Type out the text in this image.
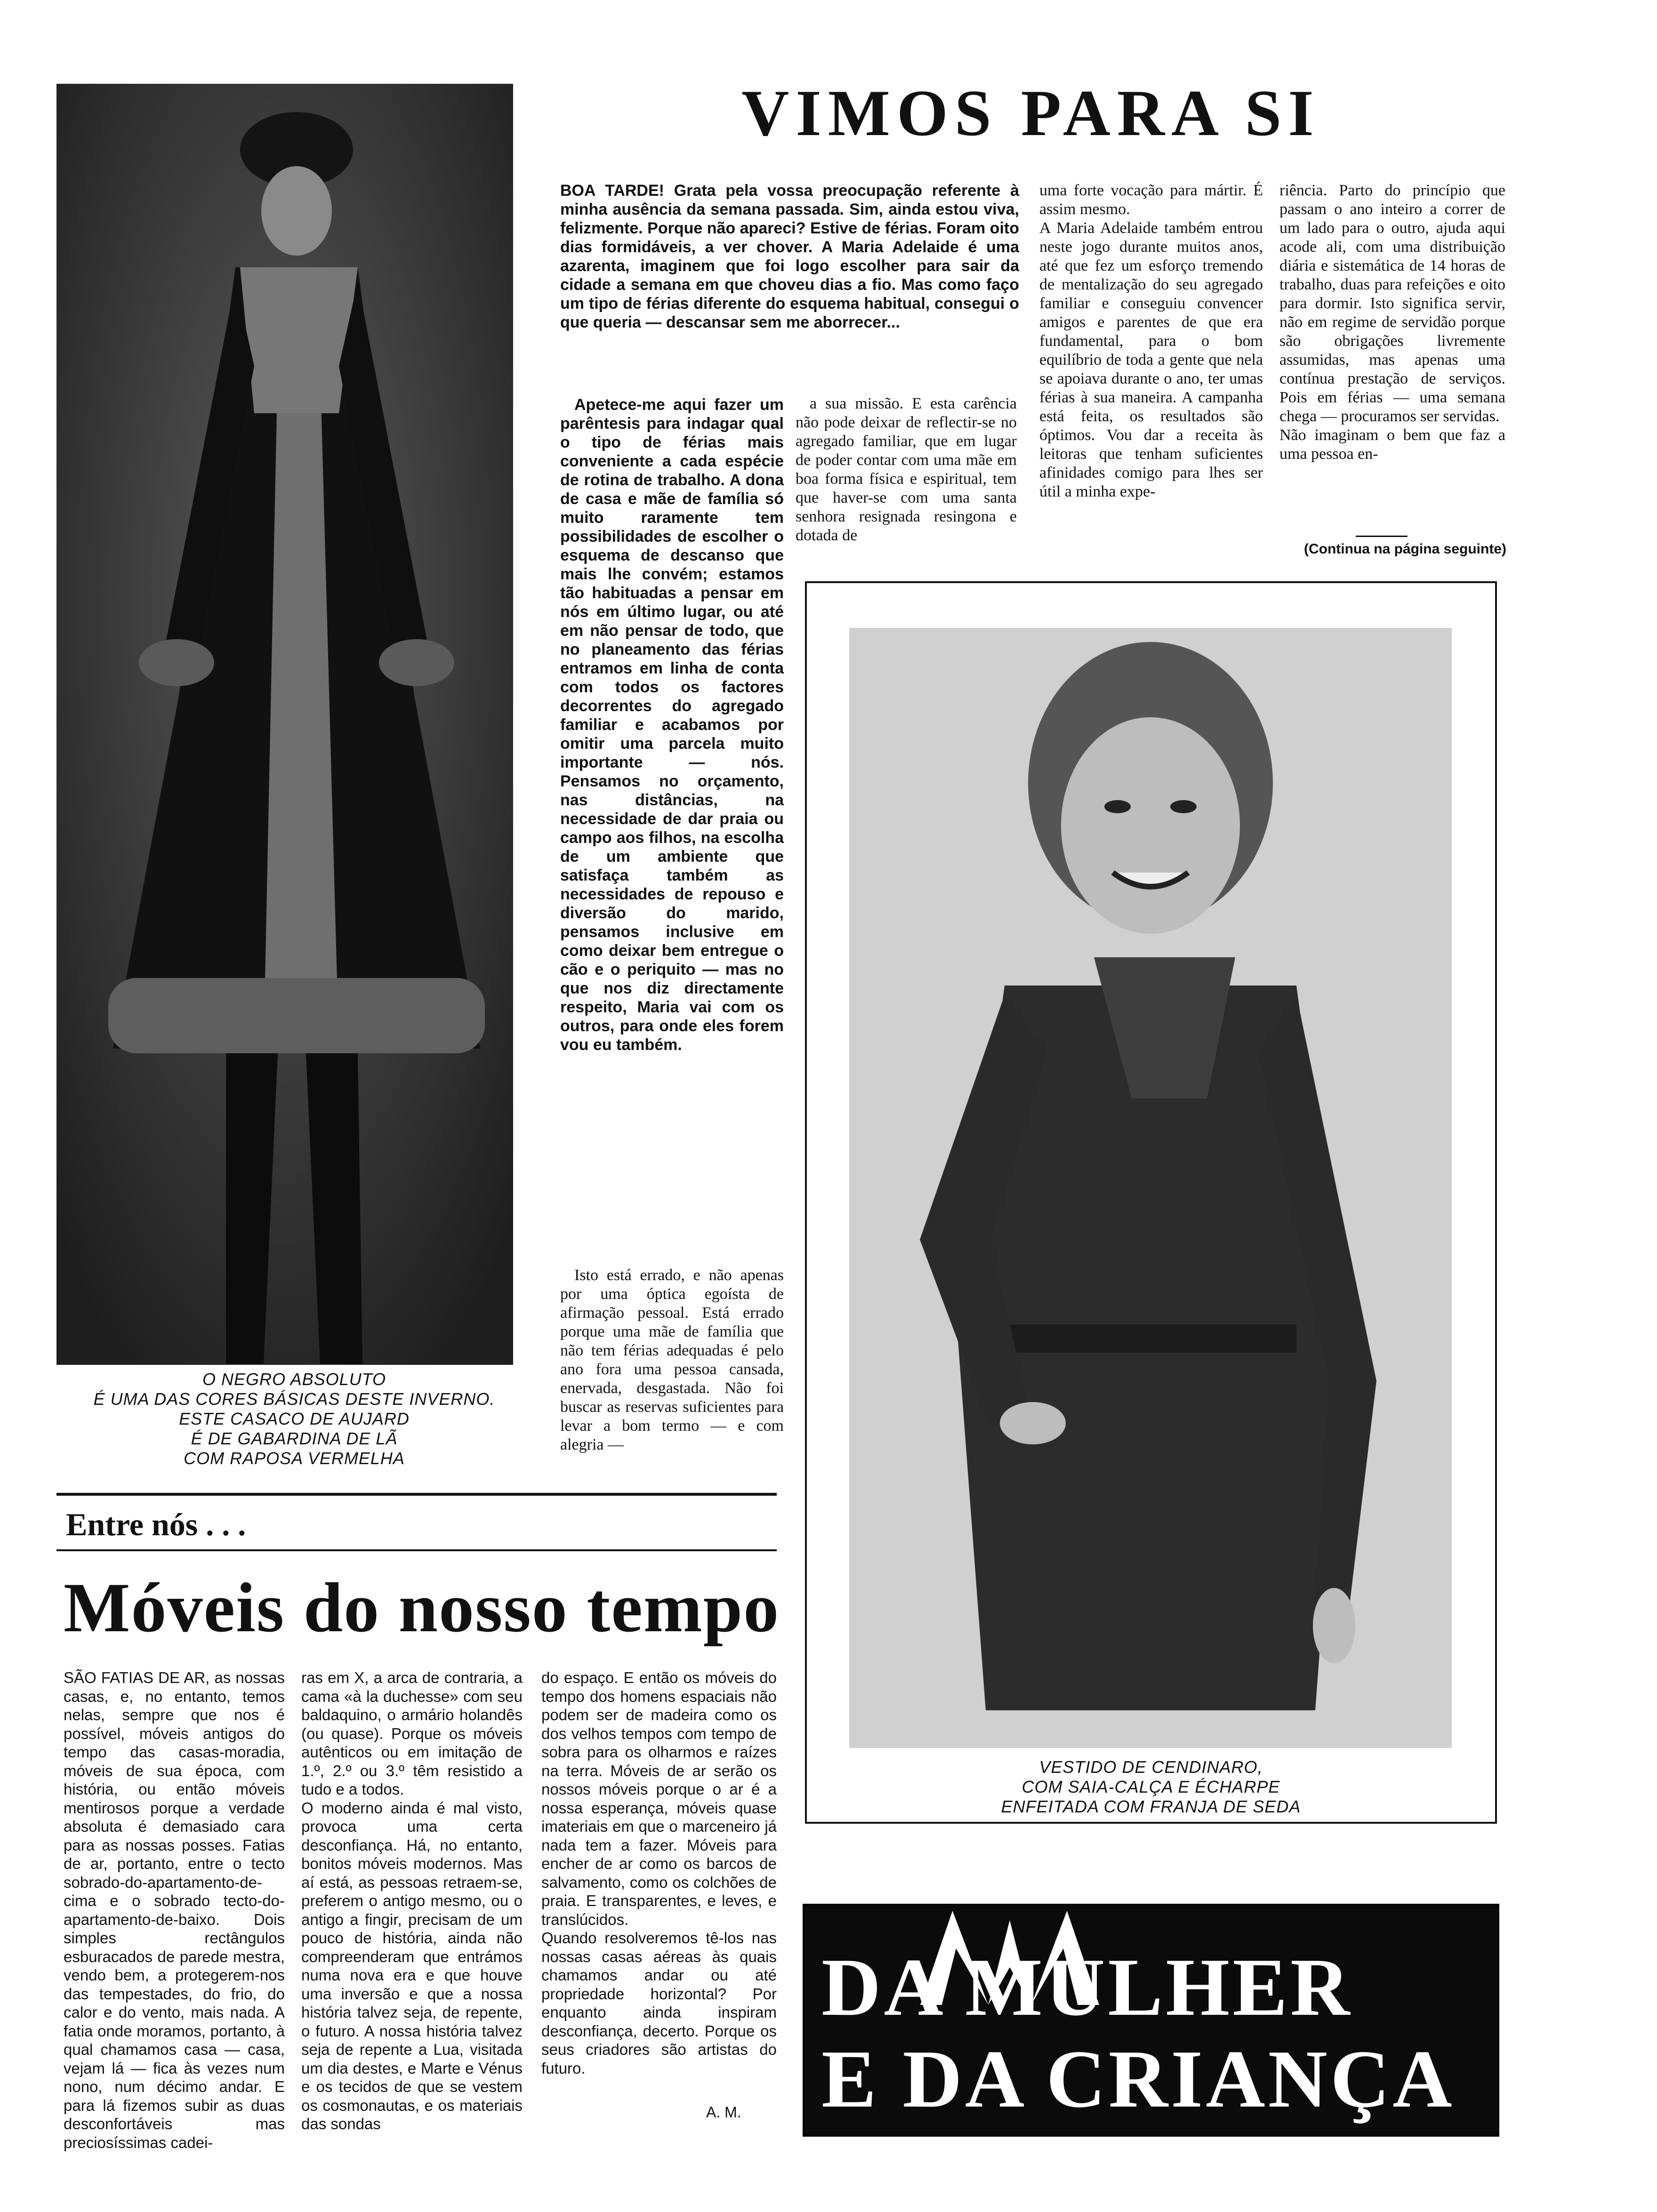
VIMOS PARA SI
O NEGRO ABSOLUTO
É UMA DAS CORES BÁSICAS DESTE INVERNO.
ESTE CASACO DE AUJARD
É DE GABARDINA DE LÃ
COM RAPOSA VERMELHA
BOA TARDE! Grata pela vossa preocupação referente à minha ausência da semana passada. Sim, ainda estou viva, felizmente. Porque não apareci? Estive de férias. Foram oito dias formidáveis, a ver chover. A Maria Adelaide é uma azarenta, imaginem que foi logo escolher para sair da cidade a semana em que choveu dias a fio. Mas como faço um tipo de férias diferente do esquema habitual, consegui o que queria — descansar sem me aborrecer...
Apetece-me aqui fazer um parêntesis para indagar qual o tipo de férias mais conveniente a cada espécie de rotina de trabalho. A dona de casa e mãe de família só muito raramente tem possibilidades de escolher o esquema de descanso que mais lhe convém; estamos tão habituadas a pensar em nós em último lugar, ou até em não pensar de todo, que no planeamento das férias entramos em linha de conta com todos os factores decorrentes do agregado familiar e acabamos por omitir uma parcela muito importante — nós. Pensamos no orçamento, nas distâncias, na necessidade de dar praia ou campo aos filhos, na escolha de um ambiente que satisfaça também as necessidades de repouso e diversão do marido, pensamos inclusive em como deixar bem entregue o cão e o periquito — mas no que nos diz directamente respeito, Maria vai com os outros, para onde eles forem vou eu também.
Isto está errado, e não apenas por uma óptica egoísta de afirmação pessoal. Está errado porque uma mãe de família que não tem férias adequadas é pelo ano fora uma pessoa cansada, enervada, desgastada. Não foi buscar as reservas suficientes para levar a bom termo — e com alegria —
a sua missão. E esta carência não pode deixar de reflectir-se no agregado familiar, que em lugar de poder contar com uma mãe em boa forma física e espiritual, tem que haver-se com uma santa senhora resignada resingona e dotada de
uma forte vocação para mártir. É assim mesmo.
A Maria Adelaide também entrou neste jogo durante muitos anos, até que fez um esforço tremendo de mentalização do seu agregado familiar e conseguiu convencer amigos e parentes de que era fundamental, para o bom equilíbrio de toda a gente que nela se apoiava durante o ano, ter umas férias à sua maneira. A campanha está feita, os resultados são óptimos. Vou dar a receita às leitoras que tenham suficientes afinidades comigo para lhes ser útil a minha expe-
riência. Parto do princípio que passam o ano inteiro a correr de um lado para o outro, ajuda aqui acode ali, com uma distribuição diária e sistemática de 14 horas de trabalho, duas para refeições e oito para dormir. Isto significa servir, não em regime de servidão porque são obrigações livremente assumidas, mas apenas uma contínua prestação de serviços. Pois em férias — uma semana chega — procuramos ser servidas.
Não imaginam o bem que faz a uma pessoa en-
(Continua na página seguinte)
VESTIDO DE CENDINARO,
COM SAIA-CALÇA E ÉCHARPE
ENFEITADA COM FRANJA DE SEDA
Entre nós . . .
Móveis do nosso tempo
SÃO FATIAS DE AR, as nossas casas, e, no entanto, temos nelas, sempre que nos é possível, móveis antigos do tempo das casas-moradia, móveis de sua época, com história, ou então móveis mentirosos porque a verdade absoluta é demasiado cara para as nossas posses. Fatias de ar, portanto, entre o tecto sobrado-do-apartamento-de-cima e o sobrado tecto-do-apartamento-de-baixo. Dois simples rectângulos esburacados de parede mestra, vendo bem, a protegerem-nos das tempestades, do frio, do calor e do vento, mais nada. A fatia onde moramos, portanto, à qual chamamos casa — casa, vejam lá — fica às vezes num nono, num décimo andar. E para lá fizemos subir as duas desconfortáveis mas preciosíssimas cadei-
ras em X, a arca de contraria, a cama «à la duchesse» com seu baldaquino, o armário holandês (ou quase). Porque os móveis autênticos ou em imitação de 1.º, 2.º ou 3.º têm resistido a tudo e a todos.
O moderno ainda é mal visto, provoca uma certa desconfiança. Há, no entanto, bonitos móveis modernos. Mas aí está, as pessoas retraem-se, preferem o antigo mesmo, ou o antigo a fingir, precisam de um pouco de história, ainda não compreenderam que entrámos numa nova era e que houve uma inversão e que a nossa história talvez seja, de repente, o futuro. A nossa história talvez seja de repente a Lua, visitada um dia destes, e Marte e Vénus e os tecidos de que se vestem os cosmonautas, e os materiais das sondas
do espaço. E então os móveis do tempo dos homens espaciais não podem ser de madeira como os dos velhos tempos com tempo de sobra para os olharmos e raízes na terra. Móveis de ar serão os nossos móveis porque o ar é a nossa esperança, móveis quase imateriais em que o marceneiro já nada tem a fazer. Móveis para encher de ar como os barcos de salvamento, como os colchões de praia. E transparentes, e leves, e translúcidos.
Quando resolveremos tê-los nas nossas casas aéreas às quais chamamos andar ou até propriedade horizontal? Por enquanto ainda inspiram desconfiança, decerto. Porque os seus criadores são artistas do futuro.
A. M.
DA MULHER
E DA CRIANÇA
